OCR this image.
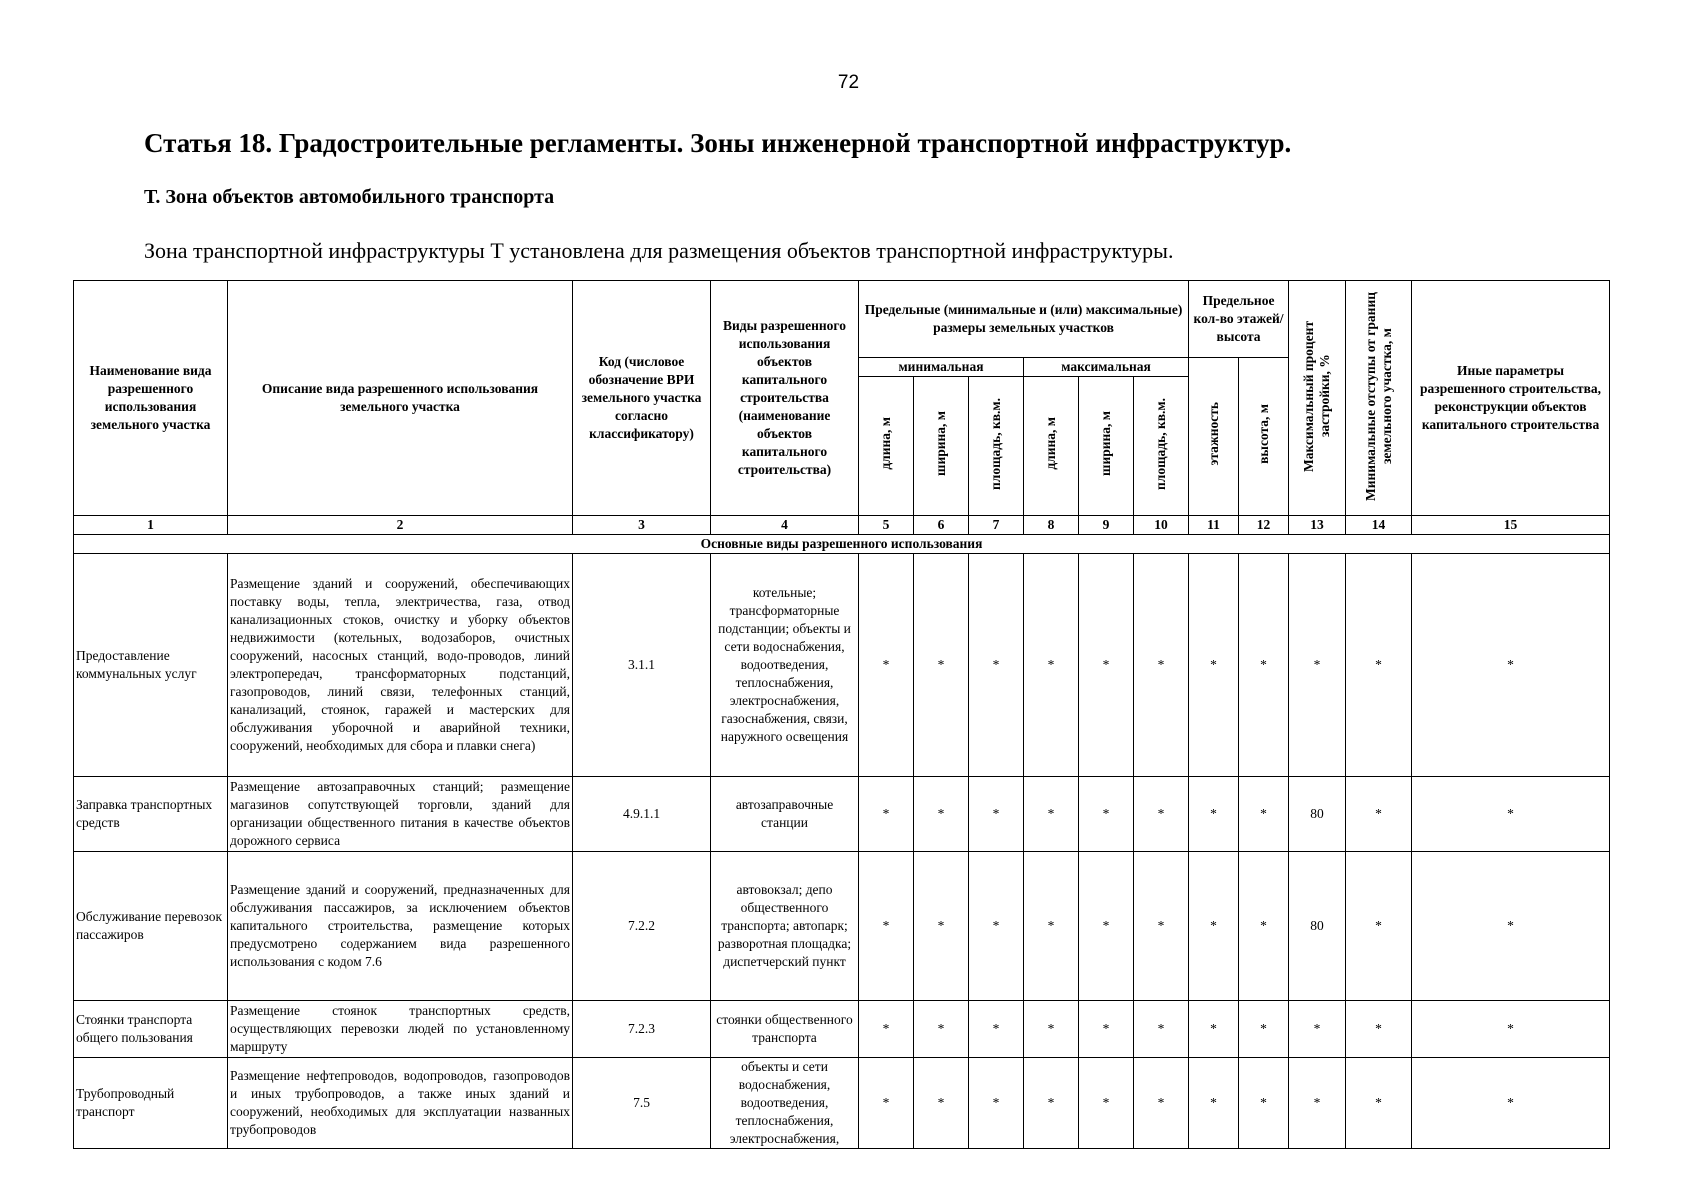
72
Статья 18. Градостроительные регламенты. Зоны инженерной транспортной инфраструктур.
Т. Зона объектов автомобильного транспорта
Зона транспортной инфраструктуры Т установлена для размещения объектов транспортной инфраструктуры.
Наименование вида разрешенного использования земельного участка	Описание вида разрешенного использования земельного участка	Код (числовое обозначение ВРИ земельного участка согласно классификатору)	Виды разрешенного использования объектов капитального строительства (наименование объектов капитального строительства)	Предельные (минимальные и (или) максимальные) размеры земельных участков						Предельное кол-во этажей/ высота		Максимальный процент застройки, %	Минимальные отступы от границ земельного участка, м	Иные параметры разрешенного строительства, реконструкции объектов капитального строительства
				минимальная			максимальная			этажность	высота, м			
				длина, м	ширина, м	площадь, кв.м.	длина, м	ширина, м	площадь, кв.м.					
1	2	3	4	5	6	7	8	9	10	11	12	13	14	15
Основные виды разрешенного использования														
Предоставление коммунальных услуг	Размещение зданий и сооружений, обеспечивающих поставку воды, тепла, электричества, газа, отвод канализационных стоков, очистку и уборку объектов недвижимости (котельных, водозаборов, очистных сооружений, насосных станций, водо-проводов, линий электропередач, трансформаторных подстанций, газопроводов, линий связи, телефонных станций, канализаций, стоянок, гаражей и мастерских для обслуживания уборочной и аварийной техники, сооружений, необходимых для сбора и плавки снега)	3.1.1	котельные; трансформаторные подстанции; объекты и сети водоснабжения, водоотведения, теплоснабжения, электроснабжения, газоснабжения, связи, наружного освещения	*	*	*	*	*	*	*	*	*	*	*
Заправка транспортных средств	Размещение автозаправочных станций; размещение магазинов сопутствующей торговли, зданий для организации общественного питания в качестве объектов дорожного сервиса	4.9.1.1	автозаправочные станции	*	*	*	*	*	*	*	*	80	*	*
Обслуживание перевозок пассажиров	Размещение зданий и сооружений, предназначенных для обслуживания пассажиров, за исключением объектов капитального строительства, размещение которых предусмотрено содержанием вида разрешенного использования с кодом 7.6	7.2.2	автовокзал; депо общественного транспорта; автопарк; разворотная площадка; диспетчерский пункт	*	*	*	*	*	*	*	*	80	*	*
Стоянки транспорта общего пользования	Размещение стоянок транспортных средств, осуществляющих перевозки людей по установленному маршруту	7.2.3	стоянки общественного транспорта	*	*	*	*	*	*	*	*	*	*	*
Трубопроводный транспорт	Размещение нефтепроводов, водопроводов, газопроводов и иных трубопроводов, а также иных зданий и сооружений, необходимых для эксплуатации названных трубопроводов	7.5	объекты и сети водоснабжения, водоотведения, теплоснабжения, электроснабжения,	*	*	*	*	*	*	*	*	*	*	*
